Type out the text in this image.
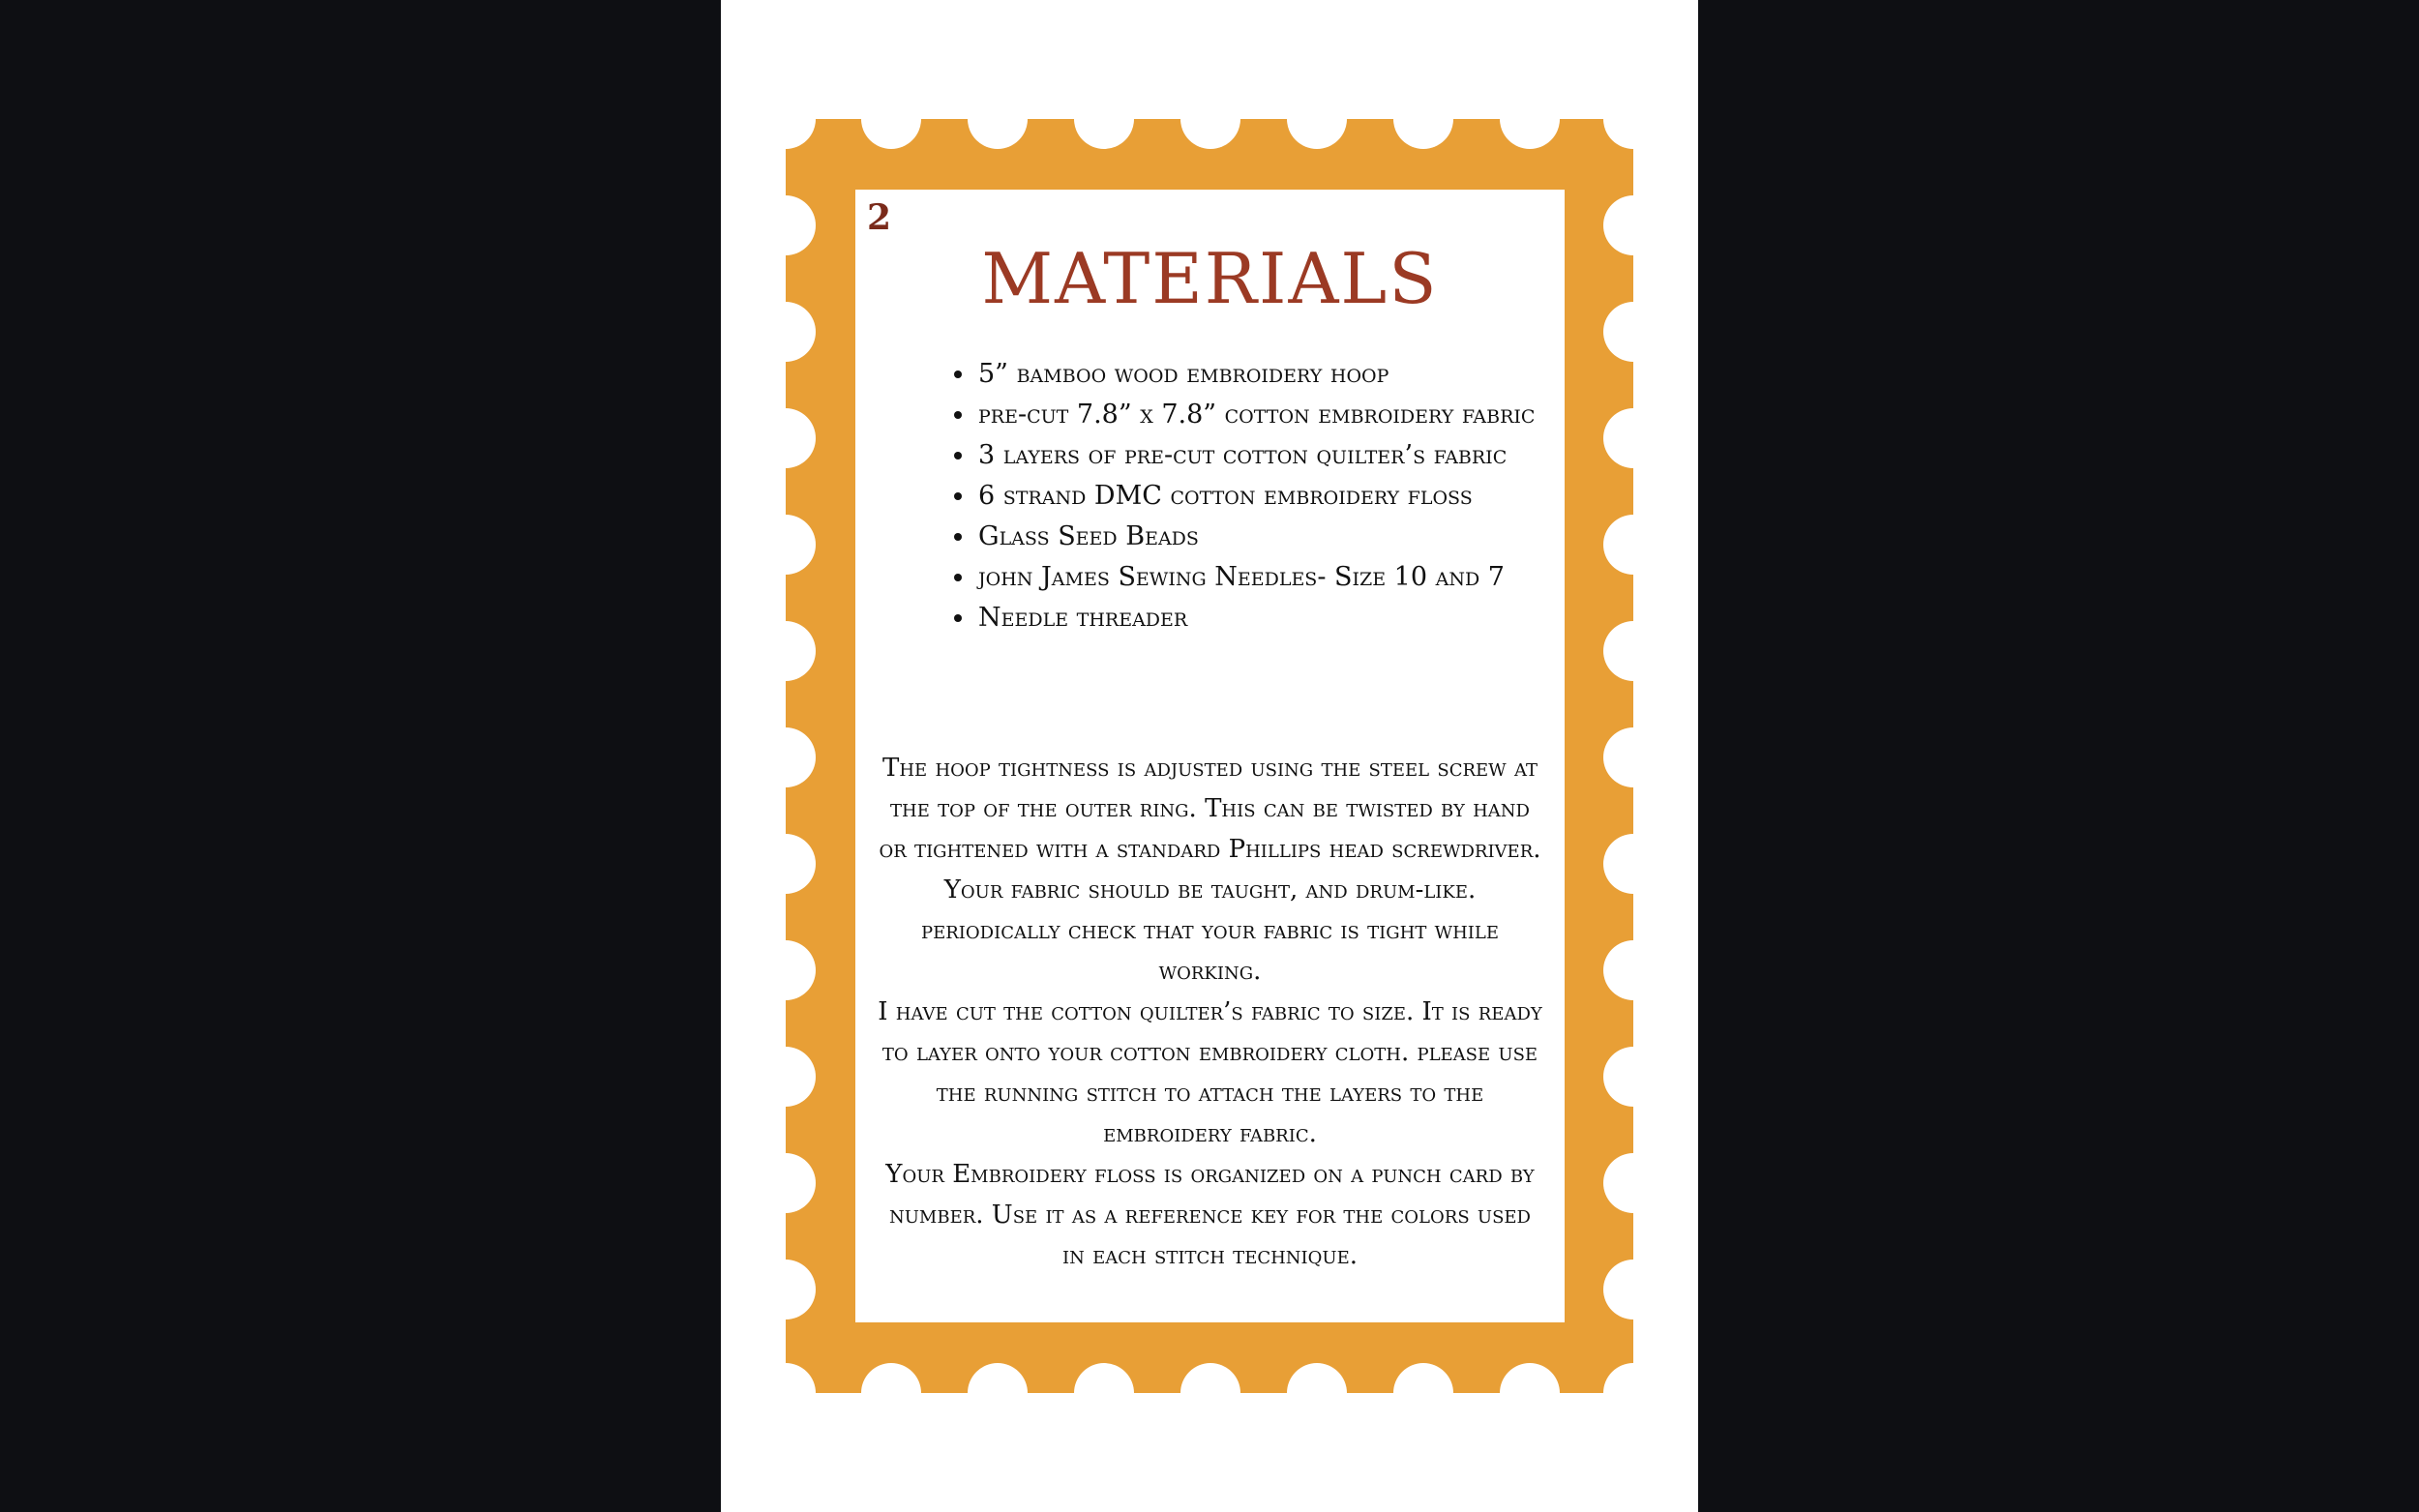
2
MATERIALS
• 5” bamboo wood embroidery hoop
• pre-cut 7.8” x 7.8” cotton embroidery fabric
• 3 layers of pre-cut cotton quilter’s fabric
• 6 strand DMC cotton embroidery floss
• Glass Seed Beads
• john James Sewing Needles- Size 10 and 7
• Needle threader

The hoop tightness is adjusted using the steel screw at the top of the outer ring. This can be twisted by hand or tightened with a standard Phillips head screwdriver. Your fabric should be taught, and drum-like. periodically check that your fabric is tight while working.

I have cut the cotton quilter’s fabric to size. It is ready to layer onto your cotton embroidery cloth. please use the running stitch to attach the layers to the embroidery fabric.

Your Embroidery floss is organized on a punch card by number. Use it as a reference key for the colors used in each stitch technique.
